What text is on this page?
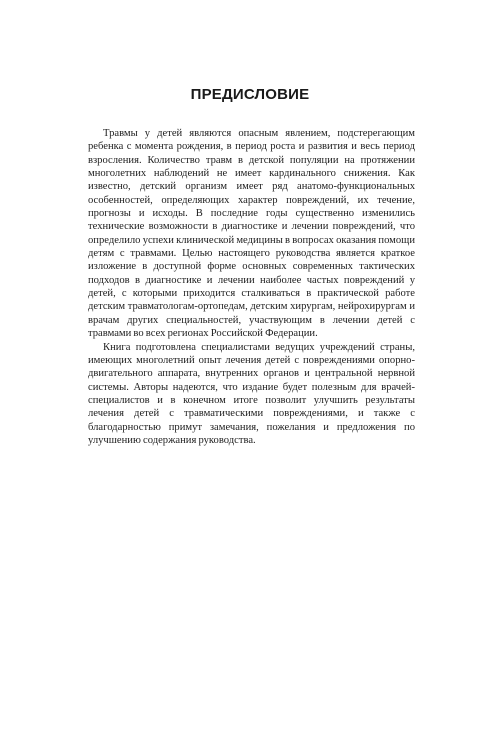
ПРЕДИСЛОВИЕ

Травмы у детей являются опасным явлением, подстерегающим ребенка с момента рождения, в период роста и развития и весь период взросления. Количество травм в детской популяции на протяжении многолетних наблюдений не имеет кардинального снижения. Как известно, детский организм имеет ряд анатомо-функциональных особенностей, определяющих характер повреждений, их течение, прогнозы и исходы. В последние годы существенно изменились технические возможности в диагностике и лечении повреждений, что определило успехи клинической медицины в вопросах оказания помощи детям с травмами. Целью настоящего руководства является краткое изложение в доступной форме основных современных тактических подходов в диагностике и лечении наиболее частых повреждений у детей, с которыми приходится сталкиваться в практической работе детским травматологам-ортопедам, детским хирургам, нейрохирургам и врачам других специальностей, участвующим в лечении детей с травмами во всех регионах Российской Федерации.

Книга подготовлена специалистами ведущих учреждений страны, имеющих многолетний опыт лечения детей с повреждениями опорно-двигательного аппарата, внутренних органов и центральной нервной системы. Авторы надеются, что издание будет полезным для врачей-специалистов и в конечном итоге позволит улучшить результаты лечения детей с травматическими повреждениями, и также с благодарностью примут замечания, пожелания и предложения по улучшению содержания руководства.
